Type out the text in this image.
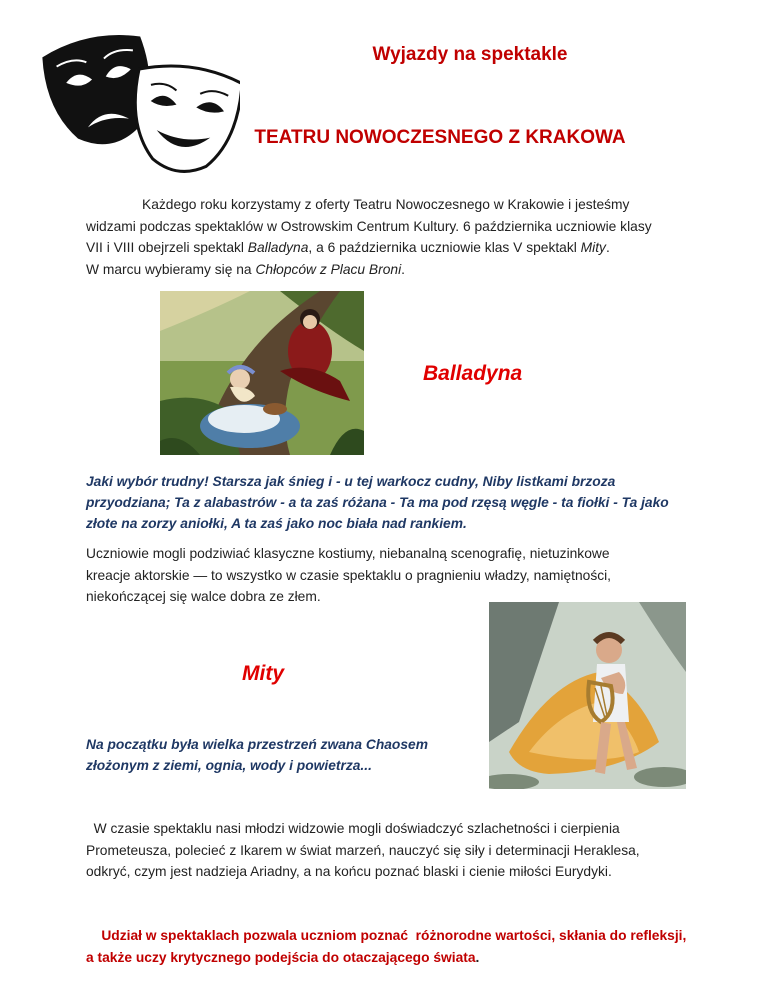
Wyjazdy na spektakle
TEATRU NOWOCZESNEGO Z KRAKOWA
Każdego roku korzystamy z oferty Teatru Nowoczesnego w Krakowie i jesteśmy
widzami podczas spektaklów w Ostrowskim Centrum Kultury. 6 października uczniowie klasy
VII i VIII obejrzeli spektakl Balladyna, a 6 października uczniowie klas V spektakl Mity.
W marcu wybieramy się na Chłopców z Placu Broni.
Balladyna
Jaki wybór trudny! Starsza jak śnieg i - u tej warkocz cudny, Niby listkami brzoza
przyodziana; Ta z alabastrów - a ta zaś różana - Ta ma pod rzęsą węgle - ta fiołki - Ta jako
złote na zorzy aniołki, A ta zaś jako noc biała nad rankiem.
Uczniowie mogli podziwiać klasyczne kostiumy, niebanalną scenografię, nietuzinkowe
kreacje aktorskie — to wszystko w czasie spektaklu o pragnieniu władzy, namiętności,
niekończącej się walce dobra ze złem.
Mity
Na początku była wielka przestrzeń zwana Chaosem
złożonym z ziemi, ognia, wody i powietrza...
W czasie spektaklu nasi młodzi widzowie mogli doświadczyć szlachetności i cierpienia
Prometeusza, polecieć z Ikarem w świat marzeń, nauczyć się siły i determinacji Heraklesa,
odkryć, czym jest nadzieja Ariadny, a na końcu poznać blaski i cienie miłości Eurydyki.
Udział w spektaklach pozwala uczniom poznać  różnorodne wartości, skłania do refleksji,
a także uczy krytycznego podejścia do otaczającego świata.
